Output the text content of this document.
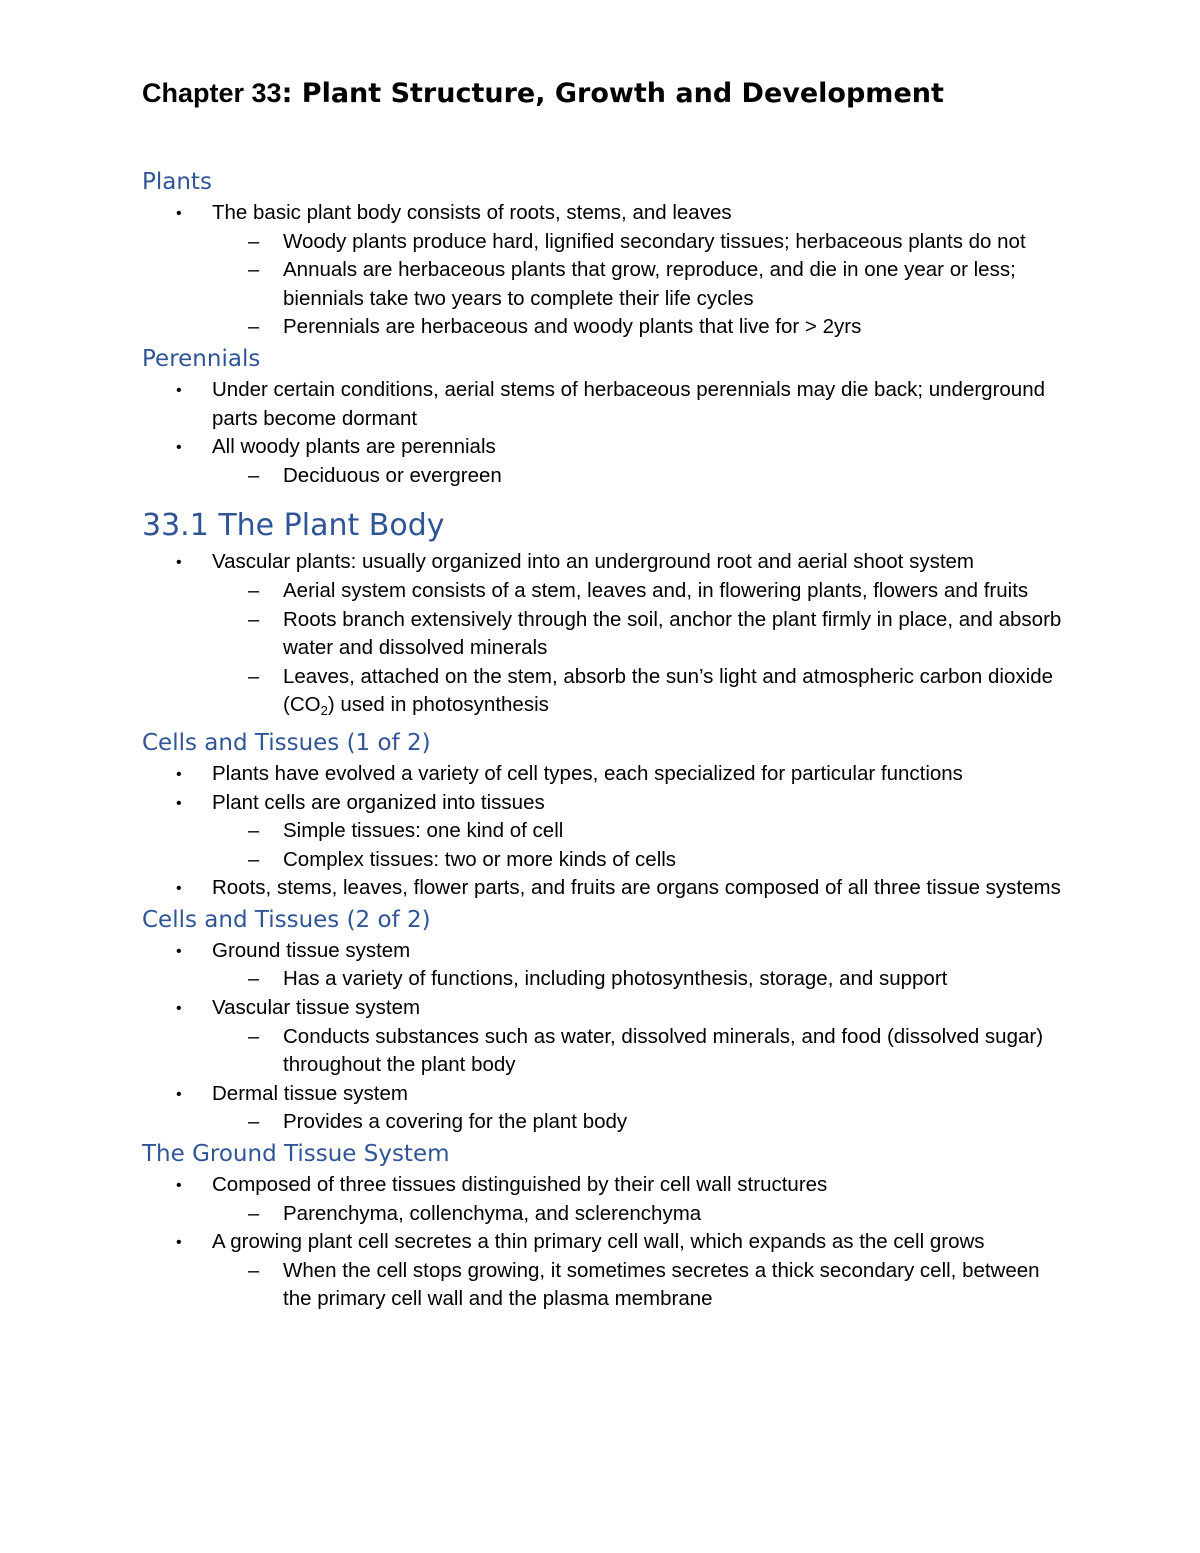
Chapter 33: Plant Structure, Growth and Development
Plants
• The basic plant body consists of roots, stems, and leaves
– Woody plants produce hard, lignified secondary tissues; herbaceous plants do not
– Annuals are herbaceous plants that grow, reproduce, and die in one year or less; biennials take two years to complete their life cycles
– Perennials are herbaceous and woody plants that live for > 2yrs
Perennials
• Under certain conditions, aerial stems of herbaceous perennials may die back; underground parts become dormant
• All woody plants are perennials
– Deciduous or evergreen
33.1 The Plant Body
• Vascular plants: usually organized into an underground root and aerial shoot system
– Aerial system consists of a stem, leaves and, in flowering plants, flowers and fruits
– Roots branch extensively through the soil, anchor the plant firmly in place, and absorb water and dissolved minerals
– Leaves, attached on the stem, absorb the sun’s light and atmospheric carbon dioxide $(CO_2)$ used in photosynthesis
Cells and Tissues (1 of 2)
• Plants have evolved a variety of cell types, each specialized for particular functions
• Plant cells are organized into tissues
– Simple tissues: one kind of cell
– Complex tissues: two or more kinds of cells
• Roots, stems, leaves, flower parts, and fruits are organs composed of all three tissue systems
Cells and Tissues (2 of 2)
• Ground tissue system
– Has a variety of functions, including photosynthesis, storage, and support
• Vascular tissue system
– Conducts substances such as water, dissolved minerals, and food (dissolved sugar) throughout the plant body
• Dermal tissue system
– Provides a covering for the plant body
The Ground Tissue System
• Composed of three tissues distinguished by their cell wall structures
– Parenchyma, collenchyma, and sclerenchyma
• A growing plant cell secretes a thin primary cell wall, which expands as the cell grows
– When the cell stops growing, it sometimes secretes a thick secondary cell, between the primary cell wall and the plasma membrane
